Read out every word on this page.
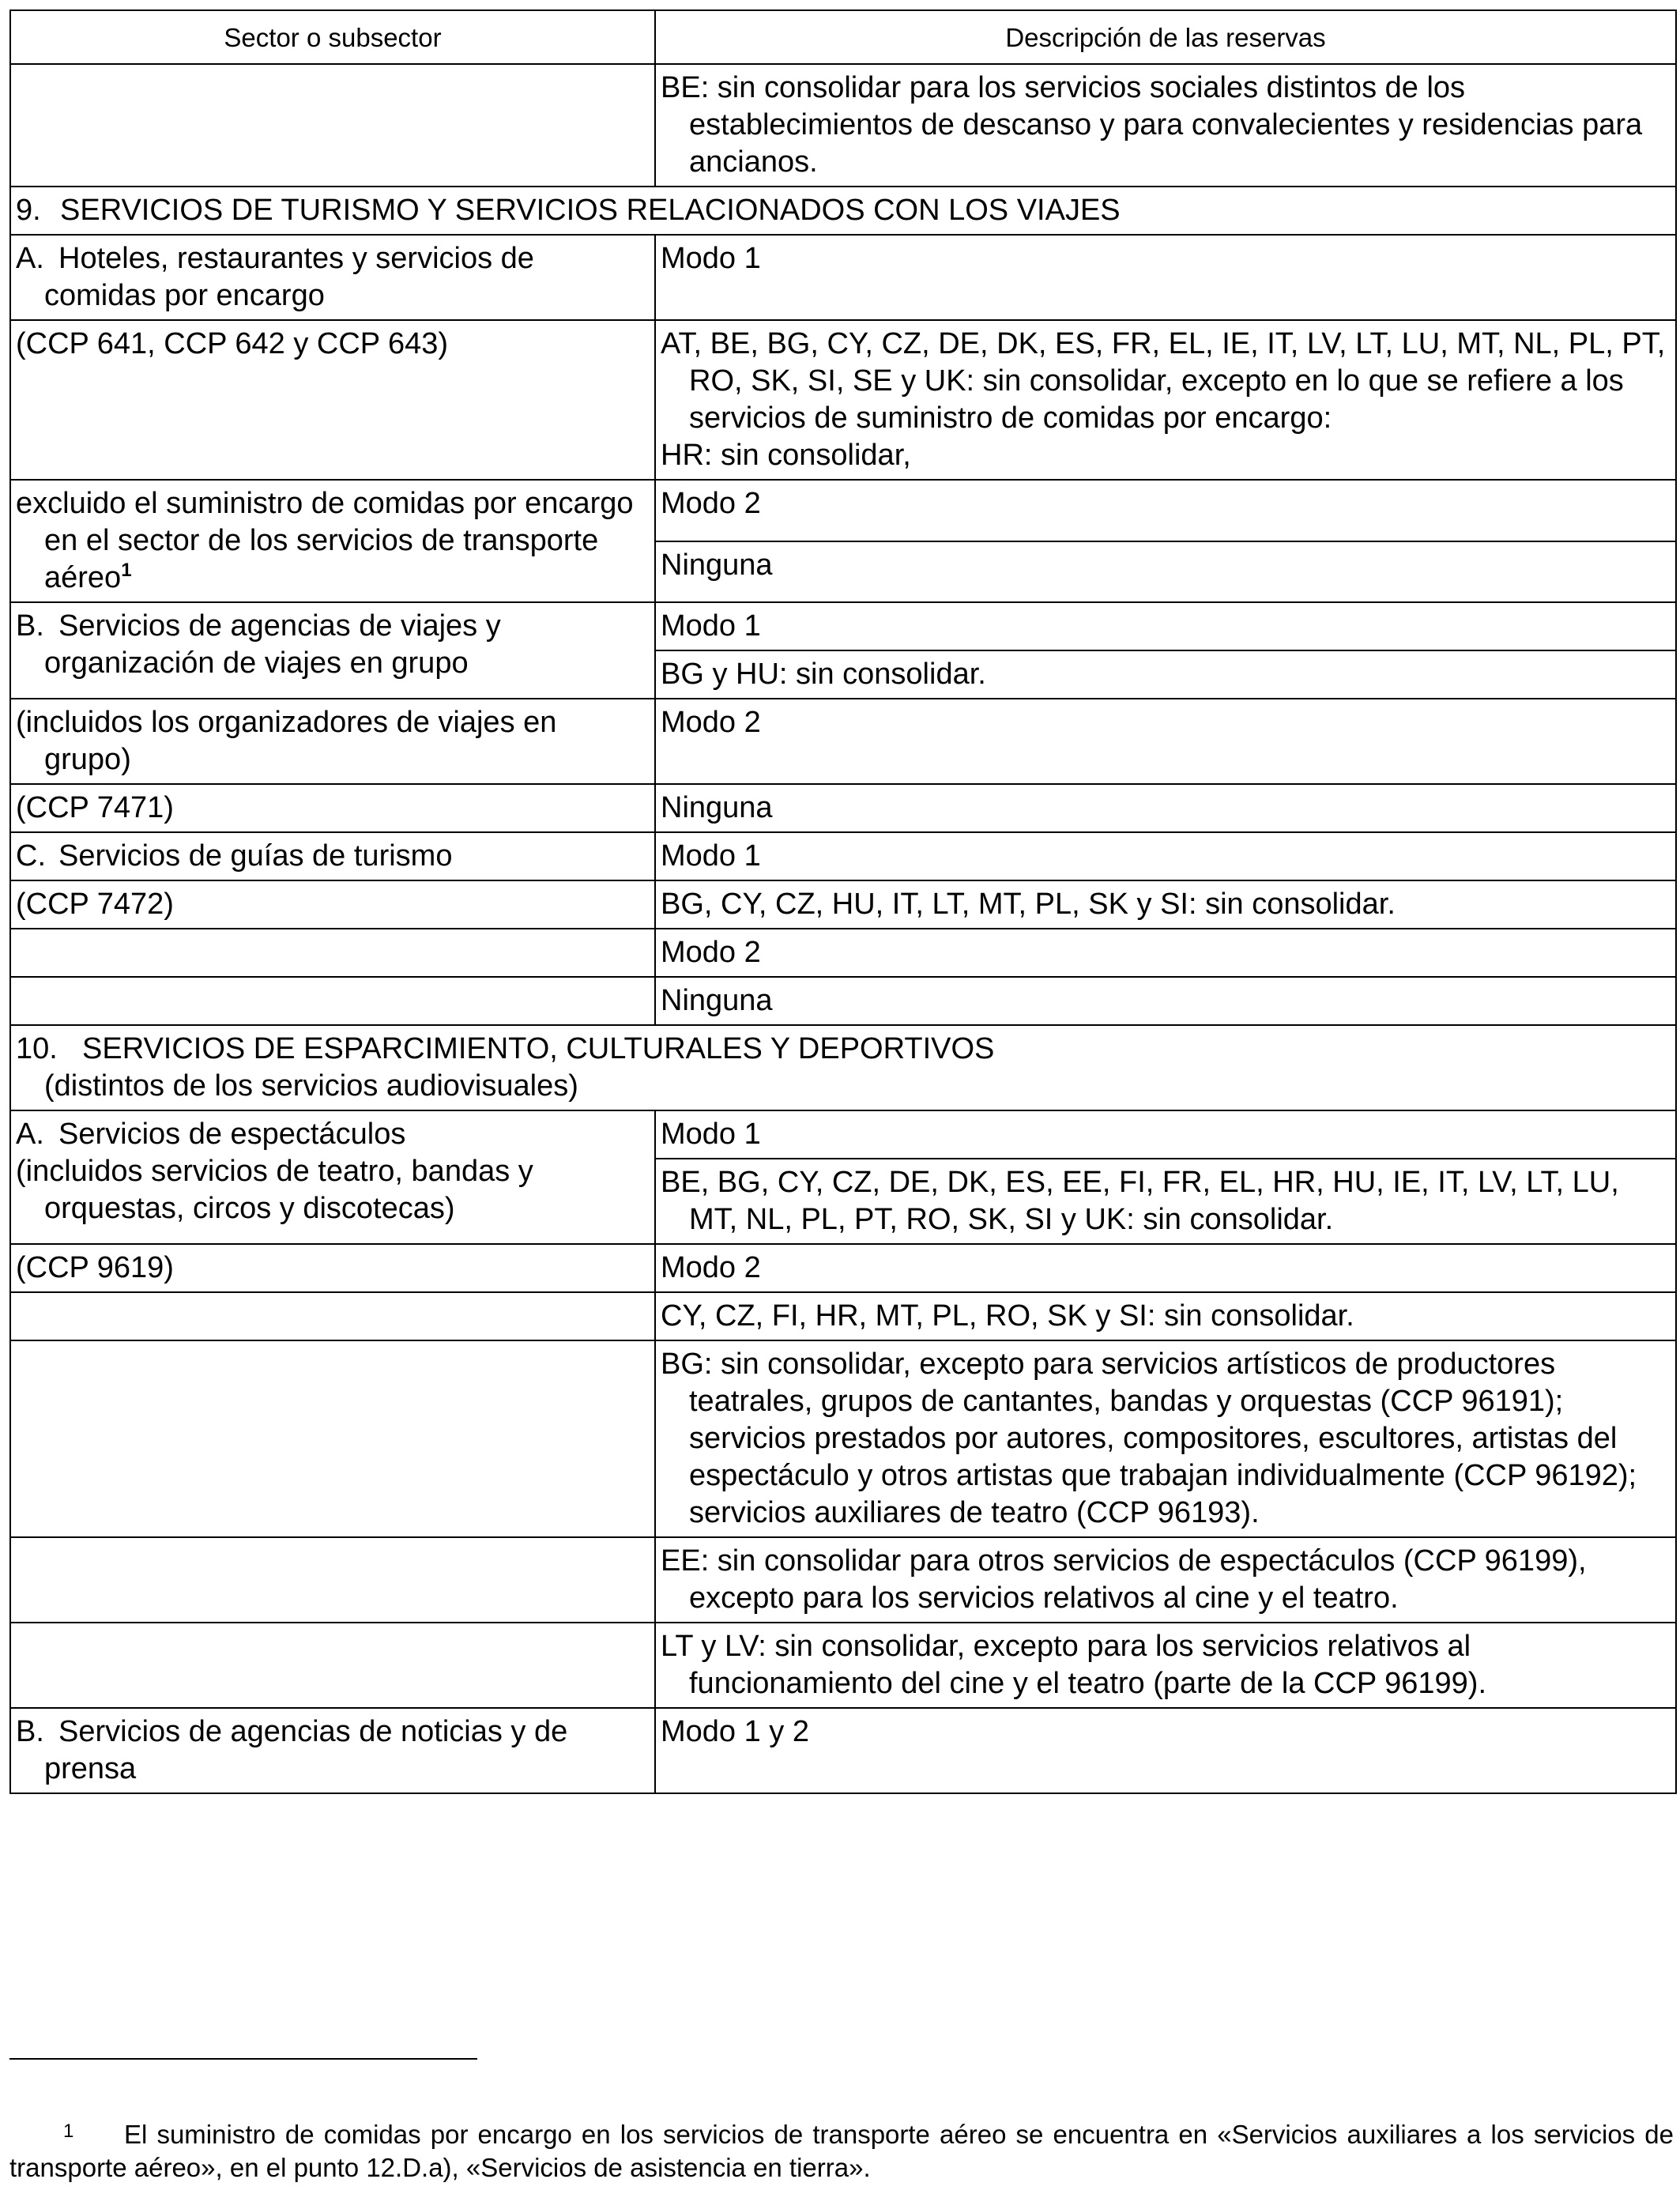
Sector o subsector	Descripción de las reservas

	BE: sin consolidar para los servicios sociales distintos de los establecimientos de descanso y para convalecientes y residencias para ancianos.

9. SERVICIOS DE TURISMO Y SERVICIOS RELACIONADOS CON LOS VIAJES	

A. Hoteles, restaurantes y servicios de comidas por encargo	Modo 1
(CCP 641, CCP 642 y CCP 643)	AT, BE, BG, CY, CZ, DE, DK, ES, FR, EL, IE, IT, LV, LT, LU, MT, NL, PL, PT, RO, SK, SI, SE y UK: sin consolidar, excepto en lo que se refiere a los servicios de suministro de comidas por encargo:
HR: sin consolidar,

excluido el suministro de comidas por encargo en el sector de los servicios de transporte aéreo$^1$	Modo 2
	Ninguna

B. Servicios de agencias de viajes y organización de viajes en grupo	Modo 1
	BG y HU: sin consolidar.

(incluidos los organizadores de viajes en grupo)	Modo 2
(CCP 7471)	Ninguna
C. Servicios de guías de turismo	Modo 1
(CCP 7472)	BG, CY, CZ, HU, IT, LT, MT, PL, SK y SI: sin consolidar.
	Modo 2
	Ninguna

10. SERVICIOS DE ESPARCIMIENTO, CULTURALES Y DEPORTIVOS
(distintos de los servicios audiovisuales)	

A. Servicios de espectáculos
(incluidos servicios de teatro, bandas y orquestas, circos y discotecas)	Modo 1

	BE, BG, CY, CZ, DE, DK, ES, EE, FI, FR, EL, HR, HU, IE, IT, LV, LT, LU, MT, NL, PL, PT, RO, SK, SI y UK: sin consolidar.

(CCP 9619)	Modo 2
	CY, CZ, FI, HR, MT, PL, RO, SK y SI: sin consolidar.

	BG: sin consolidar, excepto para servicios artísticos de productores teatrales, grupos de cantantes, bandas y orquestas (CCP 96191); servicios prestados por autores, compositores, escultores, artistas del espectáculo y otros artistas que trabajan individualmente (CCP 96192); servicios auxiliares de teatro (CCP 96193).

	EE: sin consolidar para otros servicios de espectáculos (CCP 96199), excepto para los servicios relativos al cine y el teatro.

	LT y LV: sin consolidar, excepto para los servicios relativos al funcionamiento del cine y el teatro (parte de la CCP 96199).

B. Servicios de agencias de noticias y de prensa	Modo 1 y 2
1 El suministro de comidas por encargo en los servicios de transporte aéreo se encuentra en «Servicios auxiliares a los servicios de transporte aéreo», en el punto 12.D.a), «Servicios de asistencia en tierra».
